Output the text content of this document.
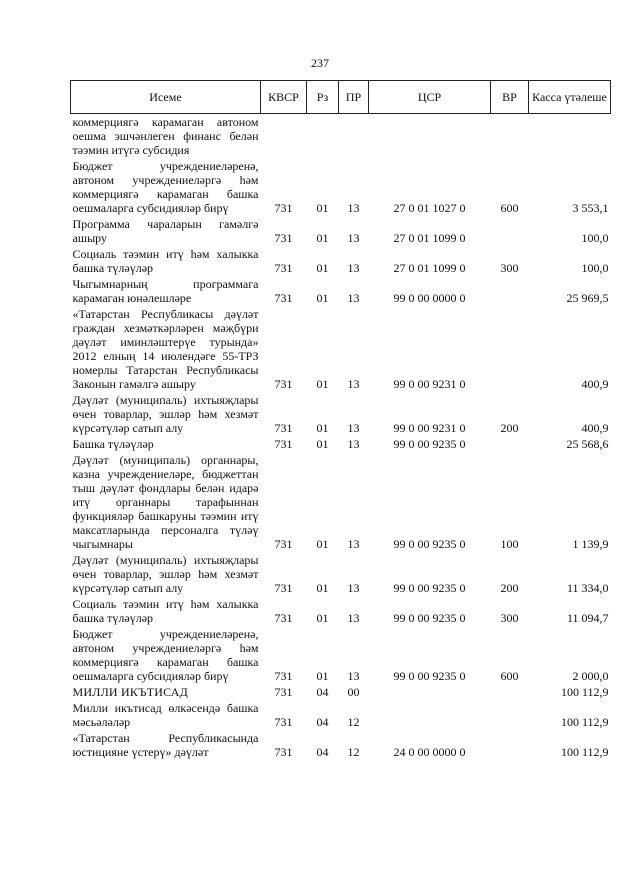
237
Исеме	КВСР	Рз	ПР	ЦСР	ВР	Касса үтәлеше
коммерциягә карамаган автоном оешма эшчәнлеген финанс белән тәэмин итүгә субсидия						
Бюджет учреждениеләренә, автоном учреждениеләргә һәм коммерциягә карамаган башка оешмаларга субсидияләр бирү	731	01	13	27 0 01 1027 0	600	3 553,1
Программа чараларын гамәлгә ашыру	731	01	13	27 0 01 1099 0		100,0
Социаль тәэмин итү һәм халыкка башка түләүләр	731	01	13	27 0 01 1099 0	300	100,0
Чыгымнарның программага карамаган юнәлешләре	731	01	13	99 0 00 0000 0		25 969,5
«Татарстан Республикасы дәүләт граждан хезмәткәрләрен мәҗбүри дәүләт иминләштерүе турында» 2012 елның 14 июлендәге 55-ТРЗ номерлы Татарстан Республикасы Законын гамәлгә ашыру	731	01	13	99 0 00 9231 0		400,9
Дәүләт (муниципаль) ихтыяҗлары өчен товарлар, эшләр һәм хезмәт күрсәтүләр сатып алу	731	01	13	99 0 00 9231 0	200	400,9
Башка түләүләр	731	01	13	99 0 00 9235 0		25 568,6
Дәүләт (муниципаль) органнары, казна учреждениеләре, бюджеттан тыш дәүләт фондлары белән идарә итү органнары тарафыннан функцияләр башкаруны тәэмин итү максатларында персоналга түләү чыгымнары	731	01	13	99 0 00 9235 0	100	1 139,9
Дәүләт (муниципаль) ихтыяҗлары өчен товарлар, эшләр һәм хезмәт күрсәтүләр сатып алу	731	01	13	99 0 00 9235 0	200	11 334,0
Социаль тәэмин итү һәм халыкка башка түләүләр	731	01	13	99 0 00 9235 0	300	11 094,7
Бюджет учреждениеләренә, автоном учреждениеләргә һәм коммерциягә карамаган башка оешмаларга субсидияләр бирү	731	01	13	99 0 00 9235 0	600	2 000,0
МИЛЛИ ИКЪТИСАД	731	04	00			100 112,9
Милли икътисад өлкәсендә башка мәсьәләләр	731	04	12			100 112,9
«Татарстан Республикасында юстицияне үстерү» дәүләт	731	04	12	24 0 00 0000 0		100 112,9
